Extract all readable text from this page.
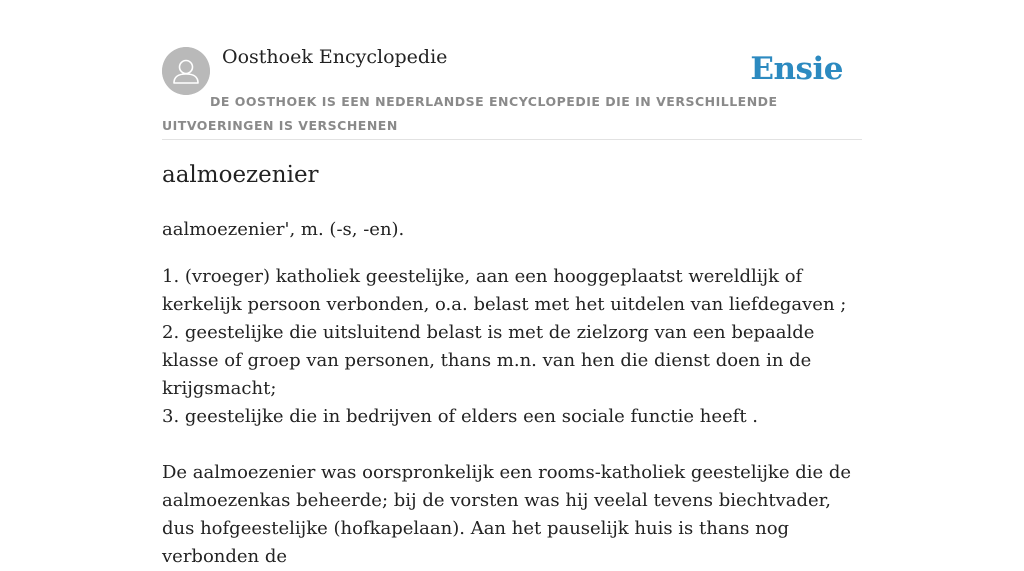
Oosthoek Encyclopedie	Ensie
DE OOSTHOEK IS EEN NEDERLANDSE ENCYCLOPEDIE DIE IN VERSCHILLENDE UITVOERINGEN IS VERSCHENEN
aalmoezenier

aalmoezenier', m. (-s, -en).

1. (vroeger) katholiek geestelijke, aan een hooggeplaatst wereldlijk of kerkelijk persoon verbonden, o.a. belast met het uitdelen van liefdegaven ;

2. geestelijke die uitsluitend belast is met de zielzorg van een bepaalde klasse of groep van personen, thans m.n. van hen die dienst doen in de krijgsmacht;

3. geestelijke die in bedrijven of elders een sociale functie heeft .

De aalmoezenier was oorspronkelijk een rooms-katholiek geestelijke die de aalmoezenkas beheerde; bij de vorsten was hij veelal tevens biechtvader, dus hofgeestelijke (hofkapelaan). Aan het pauselijk huis is thans nog verbonden de
